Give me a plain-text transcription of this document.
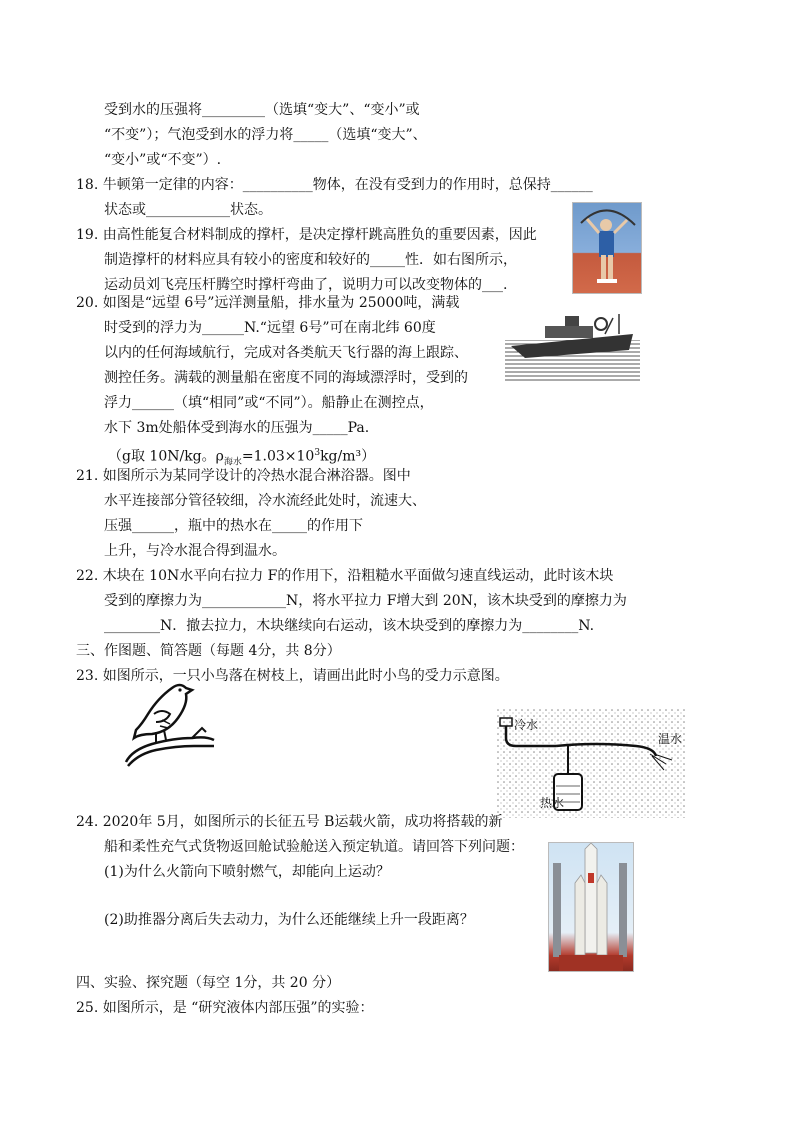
受到水的压强将_________（选填“变大”、“变小”或
“不变”）；气泡受到水的浮力将_____（选填“变大”、
“变小”或“不变”）.
18. 牛顿第一定律的内容：__________物体，在没有受到力的作用时，总保持______
状态或____________状态。
19. 由高性能复合材料制成的撑杆，是决定撑杆跳高胜负的重要因素，因此
制造撑杆的材料应具有较小的密度和较好的_____性．如右图所示，
运动员刘飞亮压杆腾空时撑杆弯曲了，说明力可以改变物体的___.
20. 如图是“远望 6号”远洋测量船，排水量为 25000吨，满载
时受到的浮力为______N.“远望 6号”可在南北纬 60度
以内的任何海域航行，完成对各类航天飞行器的海上跟踪、
测控任务。满载的测量船在密度不同的海域漂浮时，受到的
浮力______（填“相同”或“不同”）。船静止在测控点，
水下 3m处船体受到海水的压强为_____Pa.
（g取 10N/kg。$\rho_{海水}=1.03\times 10^3kg/m^3$）
21. 如图所示为某同学设计的冷热水混合淋浴器。图中
水平连接部分管径较细，冷水流经此处时，流速大、
压强______，瓶中的热水在_____的作用下
上升，与冷水混合得到温水。
22. 木块在 10N水平向右拉力 F的作用下，沿粗糙水平面做匀速直线运动，此时该木块
受到的摩擦力为____________N，将水平拉力 F增大到 20N，该木块受到的摩擦力为
________N．撤去拉力，木块继续向右运动，该木块受到的摩擦力为________N.
三、作图题、简答题（每题 4分，共 8分）
23. 如图所示，一只小鸟落在树枝上，请画出此时小鸟的受力示意图。
冷水
温水
热水
24. 2020年 5月，如图所示的长征五号 B运载火箭，成功将搭载的新
船和柔性充气式货物返回舱试验舱送入预定轨道。请回答下列问题：
(1)为什么火箭向下喷射燃气，却能向上运动？
(2)助推器分离后失去动力，为什么还能继续上升一段距离？
四、实验、探究题（每空 1分，共 20 分）
25. 如图所示，是 “研究液体内部压强”的实验：
